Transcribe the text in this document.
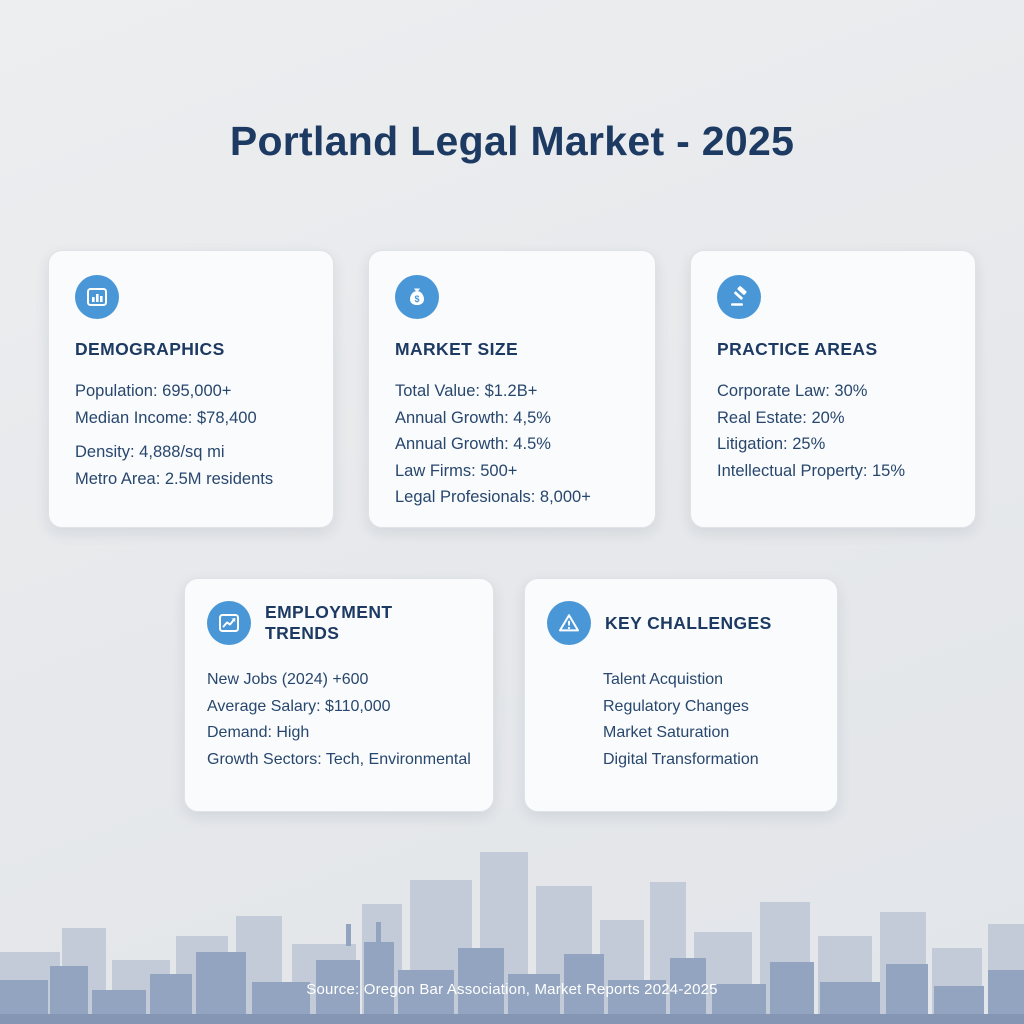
Portland Legal Market - 2025
DEMOGRAPHICS
Population: 695,000+
Median Income: $78,400
Density: 4,888/sq mi
Metro Area: 2.5M residents
$
MARKET SIZE
Total Value: $1.2B+
Annual Growth: 4,5%
Annual Growth: 4.5%
Law Firms: 500+
Legal Profesionals: 8,000+
PRACTICE AREAS
Corporate Law: 30%
Real Estate: 20%
Litigation: 25%
Intellectual Property: 15%
EMPLOYMENT TRENDS
New Jobs (2024) +600
Average Salary: $110,000
Demand: High
Growth Sectors: Tech, Environmental
KEY CHALLENGES
Talent Acquistion
Regulatory Changes
Market Saturation
Digital Transformation
Source: Oregon Bar Association, Market Reports 2024-2025
